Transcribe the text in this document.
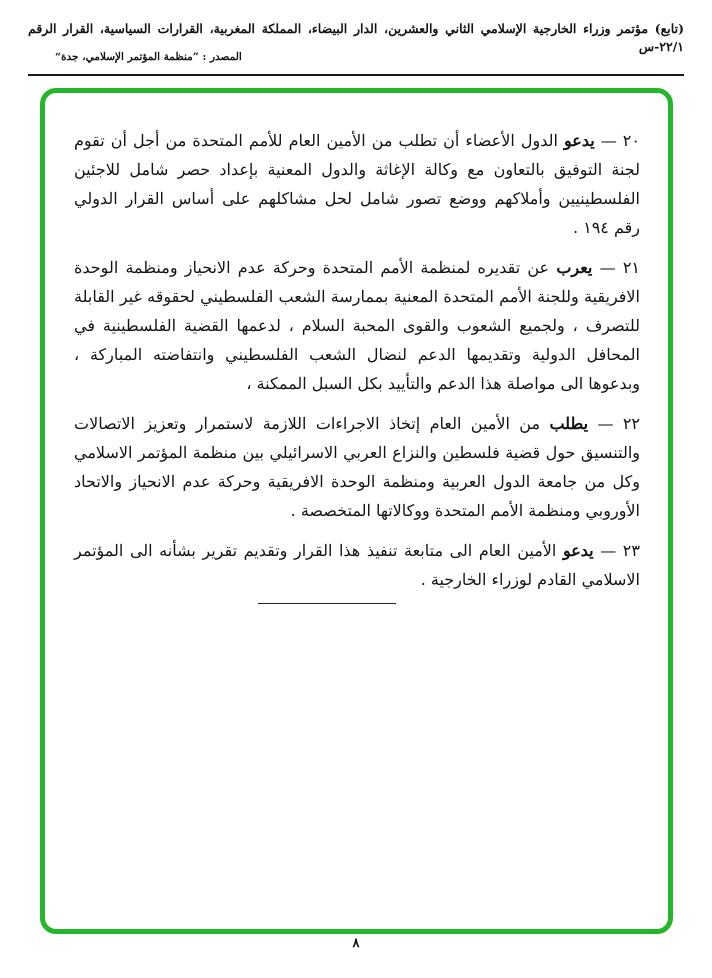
(تابع) مؤتمر وزراء الخارجية الإسلامي الثاني والعشرين، الدار البيضاء، المملكة المغربية، القرارات السياسية، القرار الرقم ٢٢/١-س
المصدر : ”منظمة المؤتمر الإسلامي، جدة“

٢٠ — يدعو الدول الأعضاء أن تطلب من الأمين العام للأمم المتحدة من أجل أن تقوم لجنة التوفيق بالتعاون مع وكالة الإغاثة والدول المعنية بإعداد حصر شامل للاجئين الفلسطينيين وأملاكهم ووضع تصور شامل لحل مشاكلهم على أساس القرار الدولي رقم ١٩٤ .

٢١ — يعرب عن تقديره لمنظمة الأمم المتحدة وحركة عدم الانحياز ومنظمة الوحدة الافريقية وللجنة الأمم المتحدة المعنية بممارسة الشعب الفلسطيني لحقوقه غير القابلة للتصرف ، ولجميع الشعوب والقوى المحبة السلام ، لدعمها القضية الفلسطينية في المحافل الدولية وتقديمها الدعم لنضال الشعب الفلسطيني وانتفاضته المباركة ، وبدعوها الى مواصلة هذا الدعم والتأييد بكل السبل الممكنة ،

٢٢ — يطلب من الأمين العام إتخاذ الاجراءات اللازمة لاستمرار وتعزيز الاتصالات والتنسيق حول قضية فلسطين والنزاع العربي الاسرائيلي بين منظمة المؤتمر الاسلامي وكل من جامعة الدول العربية ومنظمة الوحدة الافريقية وحركة عدم الانحياز والاتحاد الأوروبي ومنظمة الأمم المتحدة ووكالاتها المتخصصة .

٢٣ — يدعو الأمين العام الى متابعة تنفيذ هذا القرار وتقديم تقرير بشأنه الى المؤتمر الاسلامي القادم لوزراء الخارجية .

٨
